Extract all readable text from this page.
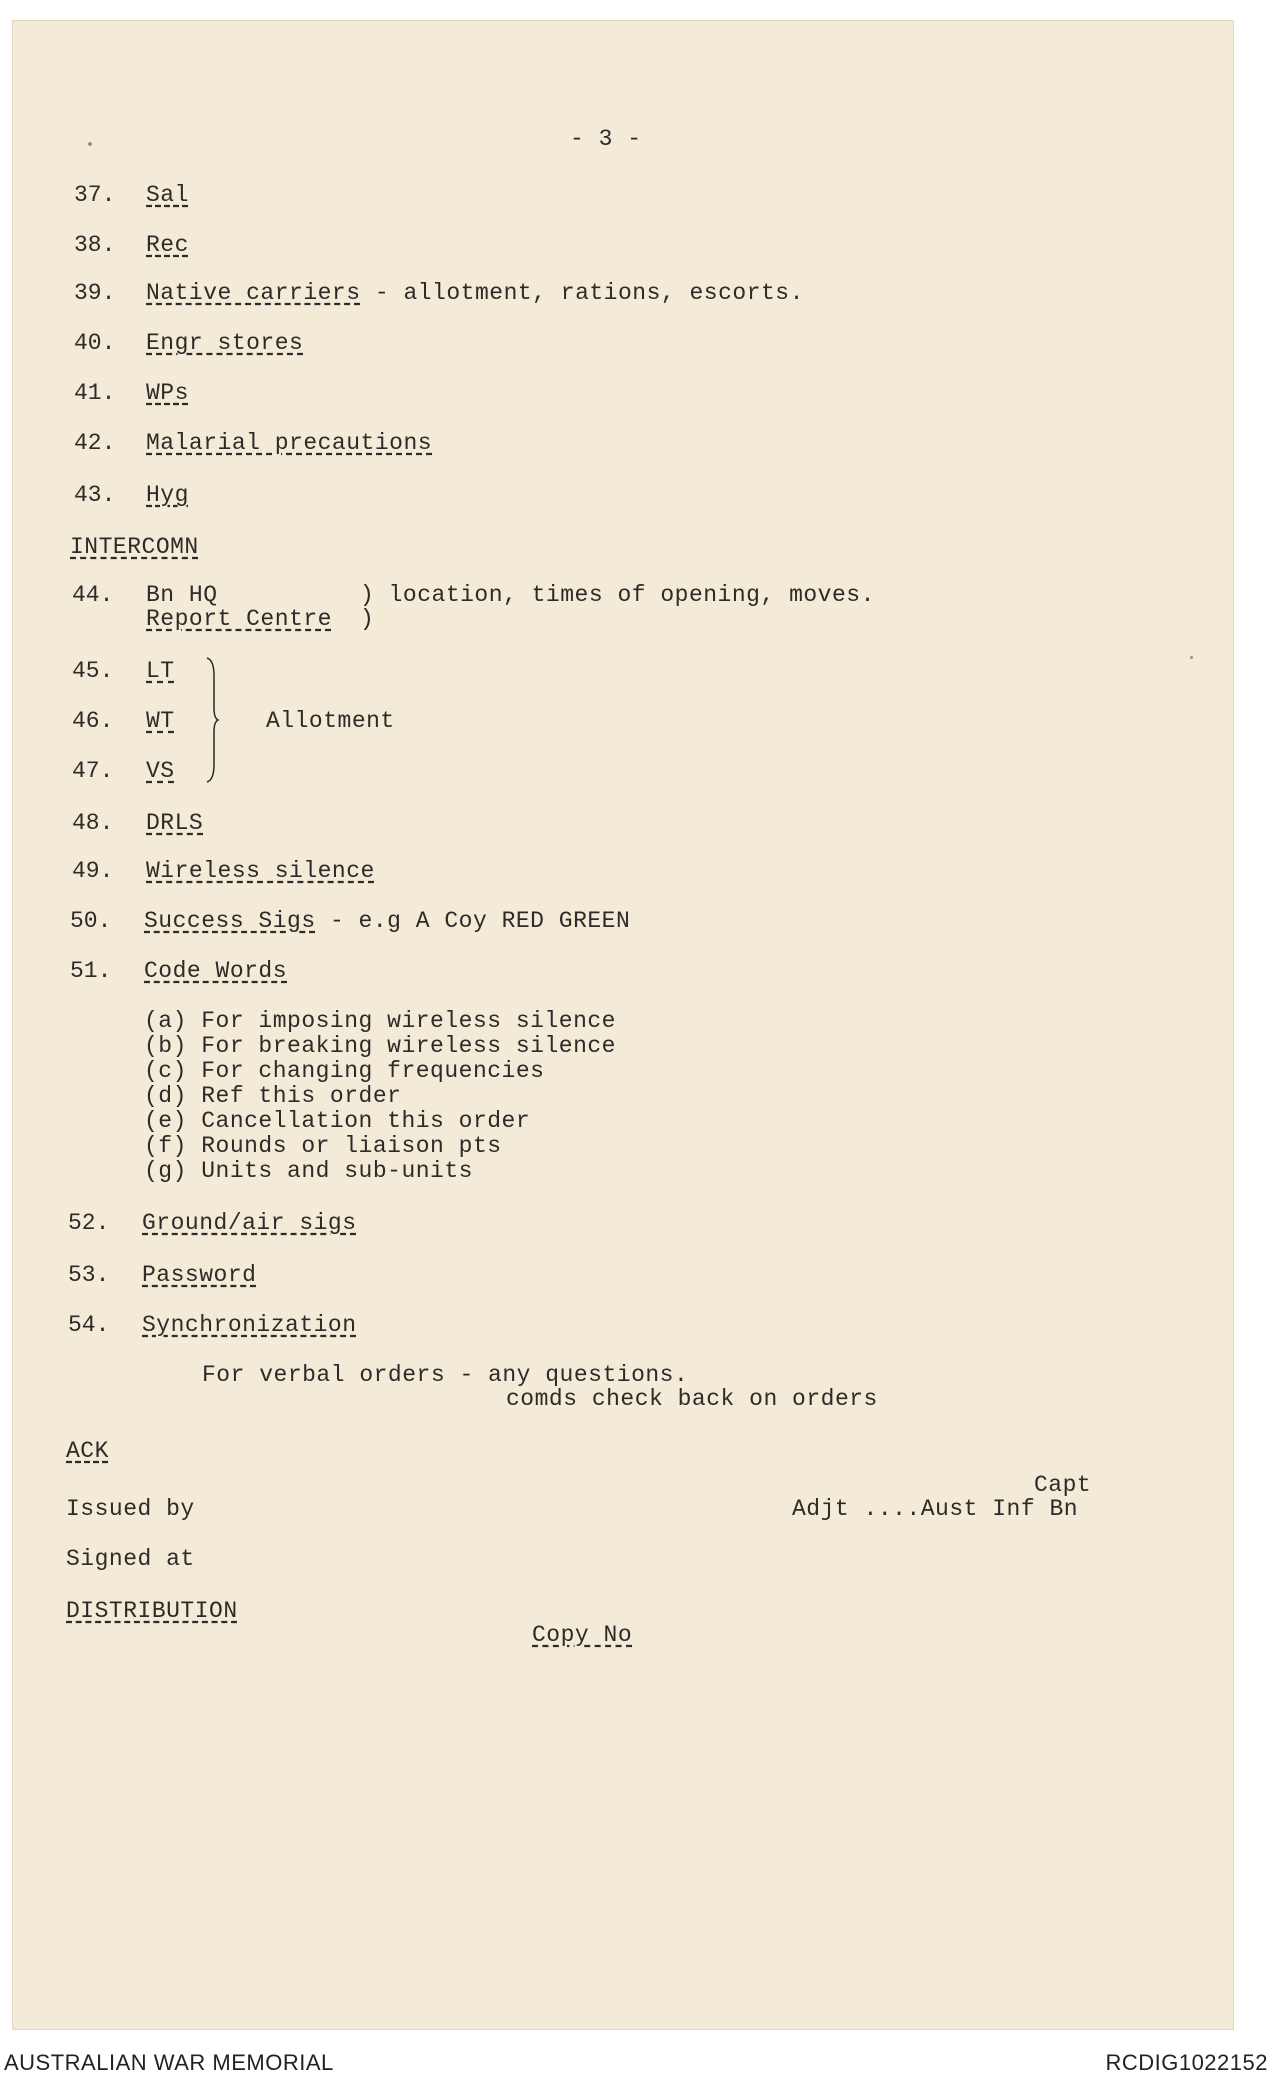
- 3 -
37. Sal
38. Rec
39. Native carriers - allotment, rations, escorts.
40. Engr stores
41. WPs
42. Malarial precautions
43. Hyg
INTERCOMN
44. Bn HQ
Report Centre
) location, times of opening, moves.
)
45. LT
46. WT
47. VS
Allotment
48. DRLS
49. Wireless silence
50. Success Sigs - e.g A Coy RED GREEN
51. Code Words
(a) For imposing wireless silence
(b) For breaking wireless silence
(c) For changing frequencies
(d) Ref this order
(e) Cancellation this order
(f) Rounds or liaison pts
(g) Units and sub-units
52. Ground/air sigs
53. Password
54. Synchronization
For verbal orders - any questions.
comds check back on orders
ACK
Issued by
Capt
Adjt ....Aust Inf Bn
Signed at
DISTRIBUTION
Copy No
AUSTRALIAN WAR MEMORIAL	RCDIG1022152
